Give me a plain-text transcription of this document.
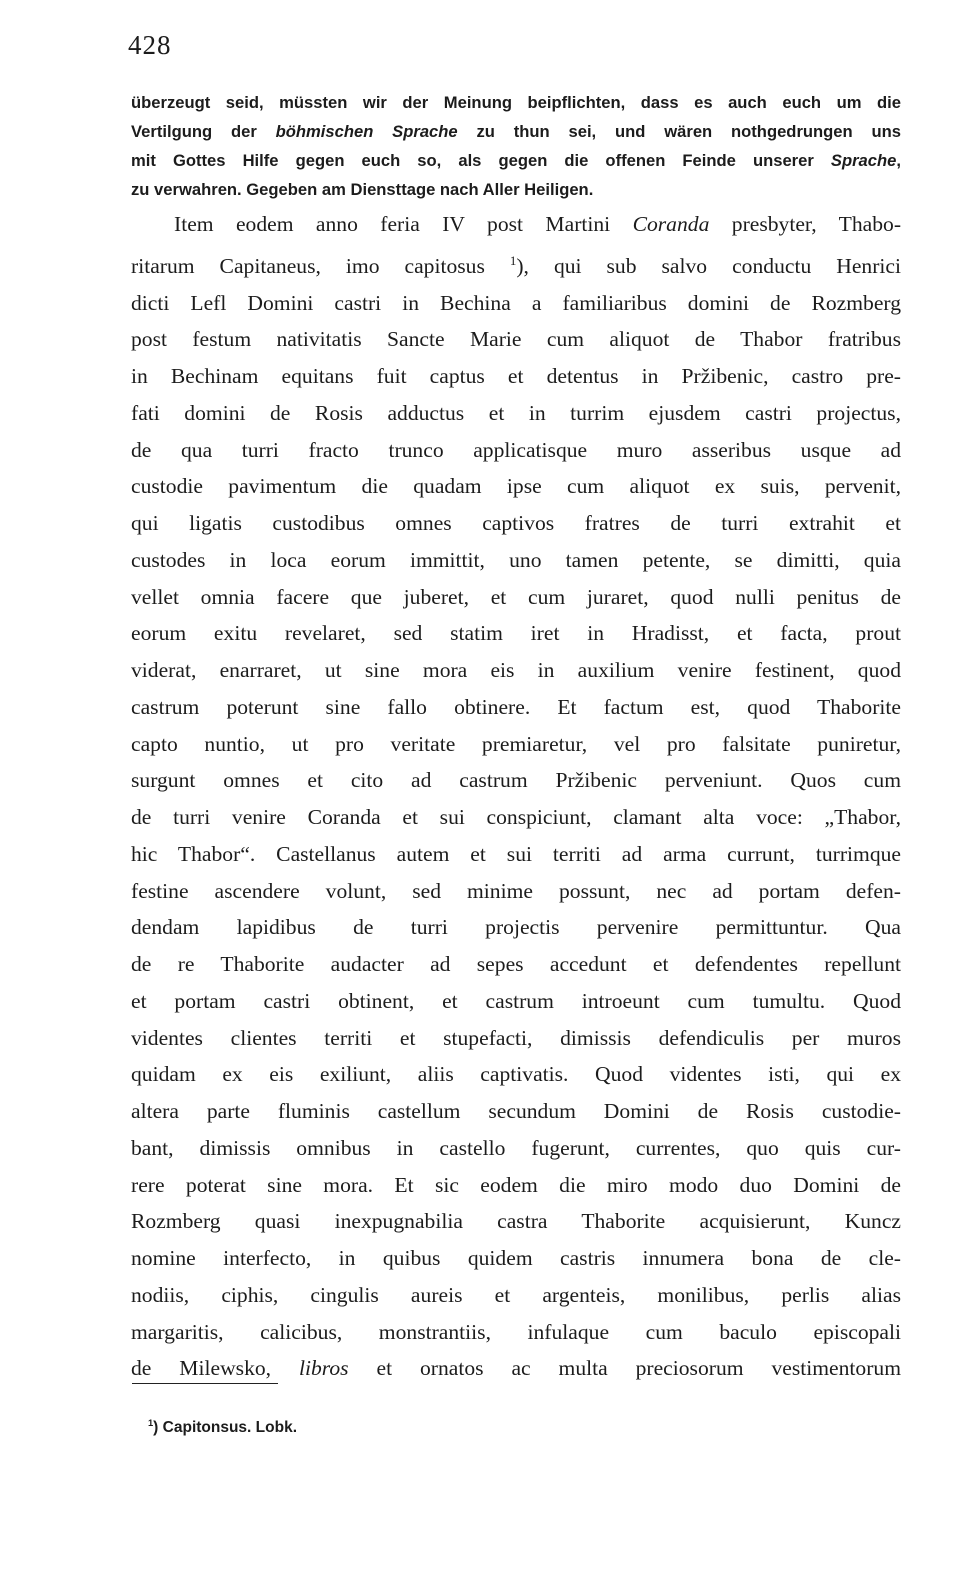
428
überzeugt seid, müssten wir der Meinung beipflichten, dass es auch euch um die
Vertilgung der böhmischen Sprache zu thun sei, und wären nothgedrungen uns
mit Gottes Hilfe gegen euch so, als gegen die offenen Feinde unserer Sprache,
zu verwahren. Gegeben am Diensttage nach Aller Heiligen.
Item eodem anno feria IV post Martini Coranda presbyter, Thabo-
ritarum Capitaneus, imo capitosus $^1$), qui sub salvo conductu Henrici
dicti Lefl Domini castri in Bechina a familiaribus domini de Rozmberg
post festum nativitatis Sancte Marie cum aliquot de Thabor fratribus
in Bechinam equitans fuit captus et detentus in Pržibenic, castro pre-
fati domini de Rosis adductus et in turrim ejusdem castri projectus,
de qua turri fracto trunco applicatisque muro asseribus usque ad
custodie pavimentum die quadam ipse cum aliquot ex suis, pervenit,
qui ligatis custodibus omnes captivos fratres de turri extrahit et
custodes in loca eorum immittit, uno tamen petente, se dimitti, quia
vellet omnia facere que juberet, et cum juraret, quod nulli penitus de
eorum exitu revelaret, sed statim iret in Hradisst, et facta, prout
viderat, enarraret, ut sine mora eis in auxilium venire festinent, quod
castrum poterunt sine fallo obtinere. Et factum est, quod Thaborite
capto nuntio, ut pro veritate premiaretur, vel pro falsitate puniretur,
surgunt omnes et cito ad castrum Pržibenic perveniunt. Quos cum
de turri venire Coranda et sui conspiciunt, clamant alta voce: „Thabor,
hic Thabor“. Castellanus autem et sui territi ad arma currunt, turrimque
festine ascendere volunt, sed minime possunt, nec ad portam defen-
dendam lapidibus de turri projectis pervenire permittuntur. Qua
de re Thaborite audacter ad sepes accedunt et defendentes repellunt
et portam castri obtinent, et castrum introeunt cum tumultu. Quod
videntes clientes territi et stupefacti, dimissis defendiculis per muros
quidam ex eis exiliunt, aliis captivatis. Quod videntes isti, qui ex
altera parte fluminis castellum secundum Domini de Rosis custodie-
bant, dimissis omnibus in castello fugerunt, currentes, quo quis cur-
rere poterat sine mora. Et sic eodem die miro modo duo Domini de
Rozmberg quasi inexpugnabilia castra Thaborite acquisierunt, Kuncz
nomine interfecto, in quibus quidem castris innumera bona de cle-
nodiis, ciphis, cingulis aureis et argenteis, monilibus, perlis alias
margaritis, calicibus, monstrantiis, infulaque cum baculo episcopali
de Milewsko, libros et ornatos ac multa preciosorum vestimentorum

$^1$) Capitonsus. Lobk.
